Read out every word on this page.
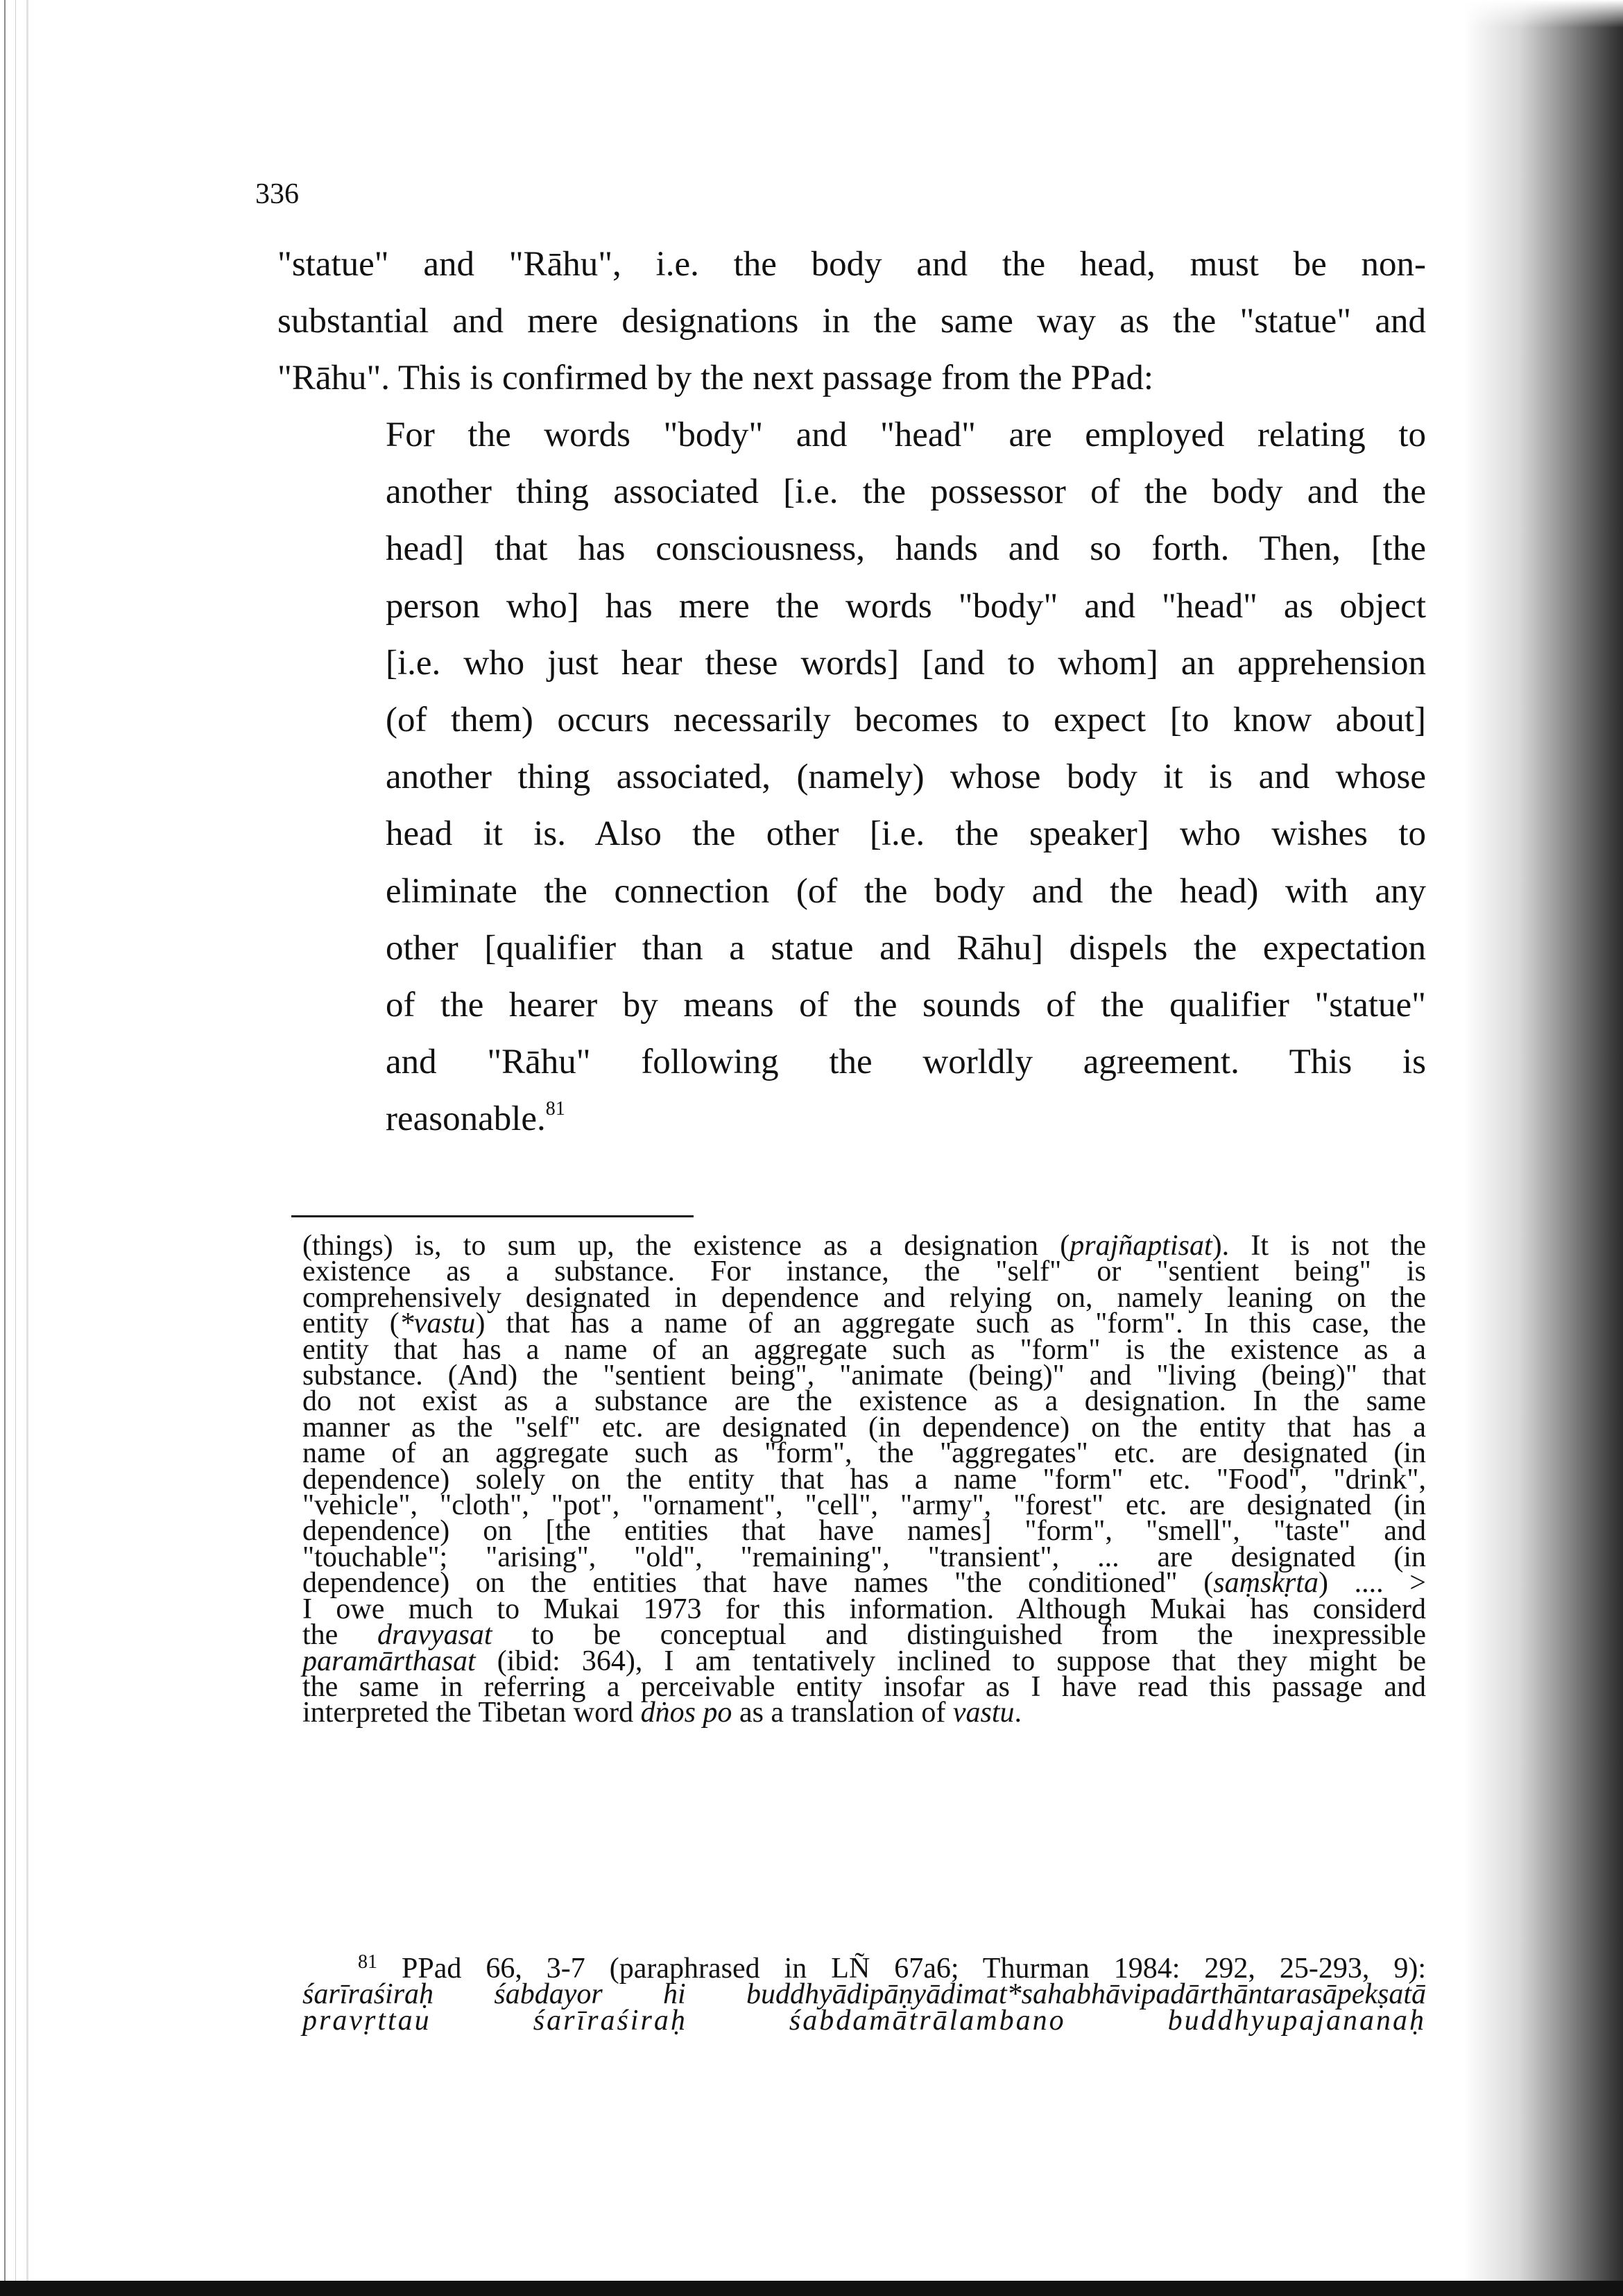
336
"statue" and "Rāhu", i.e. the body and the head, must be non-
substantial and mere designations in the same way as the "statue" and
"Rāhu". This is confirmed by the next passage from the PPad:
For the words "body" and "head" are employed relating to
another thing associated [i.e. the possessor of the body and the
head] that has consciousness, hands and so forth. Then, [the
person who] has mere the words "body" and "head" as object
[i.e. who just hear these words] [and to whom] an apprehension
(of them) occurs necessarily becomes to expect [to know about]
another thing associated, (namely) whose body it is and whose
head it is. Also the other [i.e. the speaker] who wishes to
eliminate the connection (of the body and the head) with any
other [qualifier than a statue and Rāhu] dispels the expectation
of the hearer by means of the sounds of the qualifier "statue"
and "Rāhu" following the worldly agreement. This is
reasonable.$^{81}$
(things) is, to sum up, the existence as a designation (prajñaptisat). It is not the
existence as a substance. For instance, the "self" or "sentient being" is
comprehensively designated in dependence and relying on, namely leaning on the
entity (*vastu) that has a name of an aggregate such as "form". In this case, the
entity that has a name of an aggregate such as "form" is the existence as a
substance. (And) the "sentient being", "animate (being)" and "living (being)" that
do not exist as a substance are the existence as a designation. In the same
manner as the "self" etc. are designated (in dependence) on the entity that has a
name of an aggregate such as "form", the "aggregates" etc. are designated (in
dependence) solely on the entity that has a name "form" etc. "Food", "drink",
"vehicle", "cloth", "pot", "ornament", "cell", "army", "forest" etc. are designated (in
dependence) on [the entities that have names] "form", "smell", "taste" and
"touchable"; "arising", "old", "remaining", "transient", ... are designated (in
dependence) on the entities that have names "the conditioned" (saṃskṛta) .... >
I owe much to Mukai 1973 for this information. Although Mukai has considerd
the dravyasat to be conceptual and distinguished from the inexpressible
paramārthasat (ibid: 364), I am tentatively inclined to suppose that they might be
the same in referring a perceivable entity insofar as I have read this passage and
interpreted the Tibetan word dṅos po as a translation of vastu.
$^{81}$ PPad 66, 3-7 (paraphrased in LÑ 67a6; Thurman 1984: 292, 25-293, 9):
śarīraśiraḥ śabdayor hi buddhyādipāṇyādimat*sahabhāvipadārthāntarasāpekṣatā
pravṛttau śarīraśiraḥ śabdamātrālambano buddhyupajananaḥ
